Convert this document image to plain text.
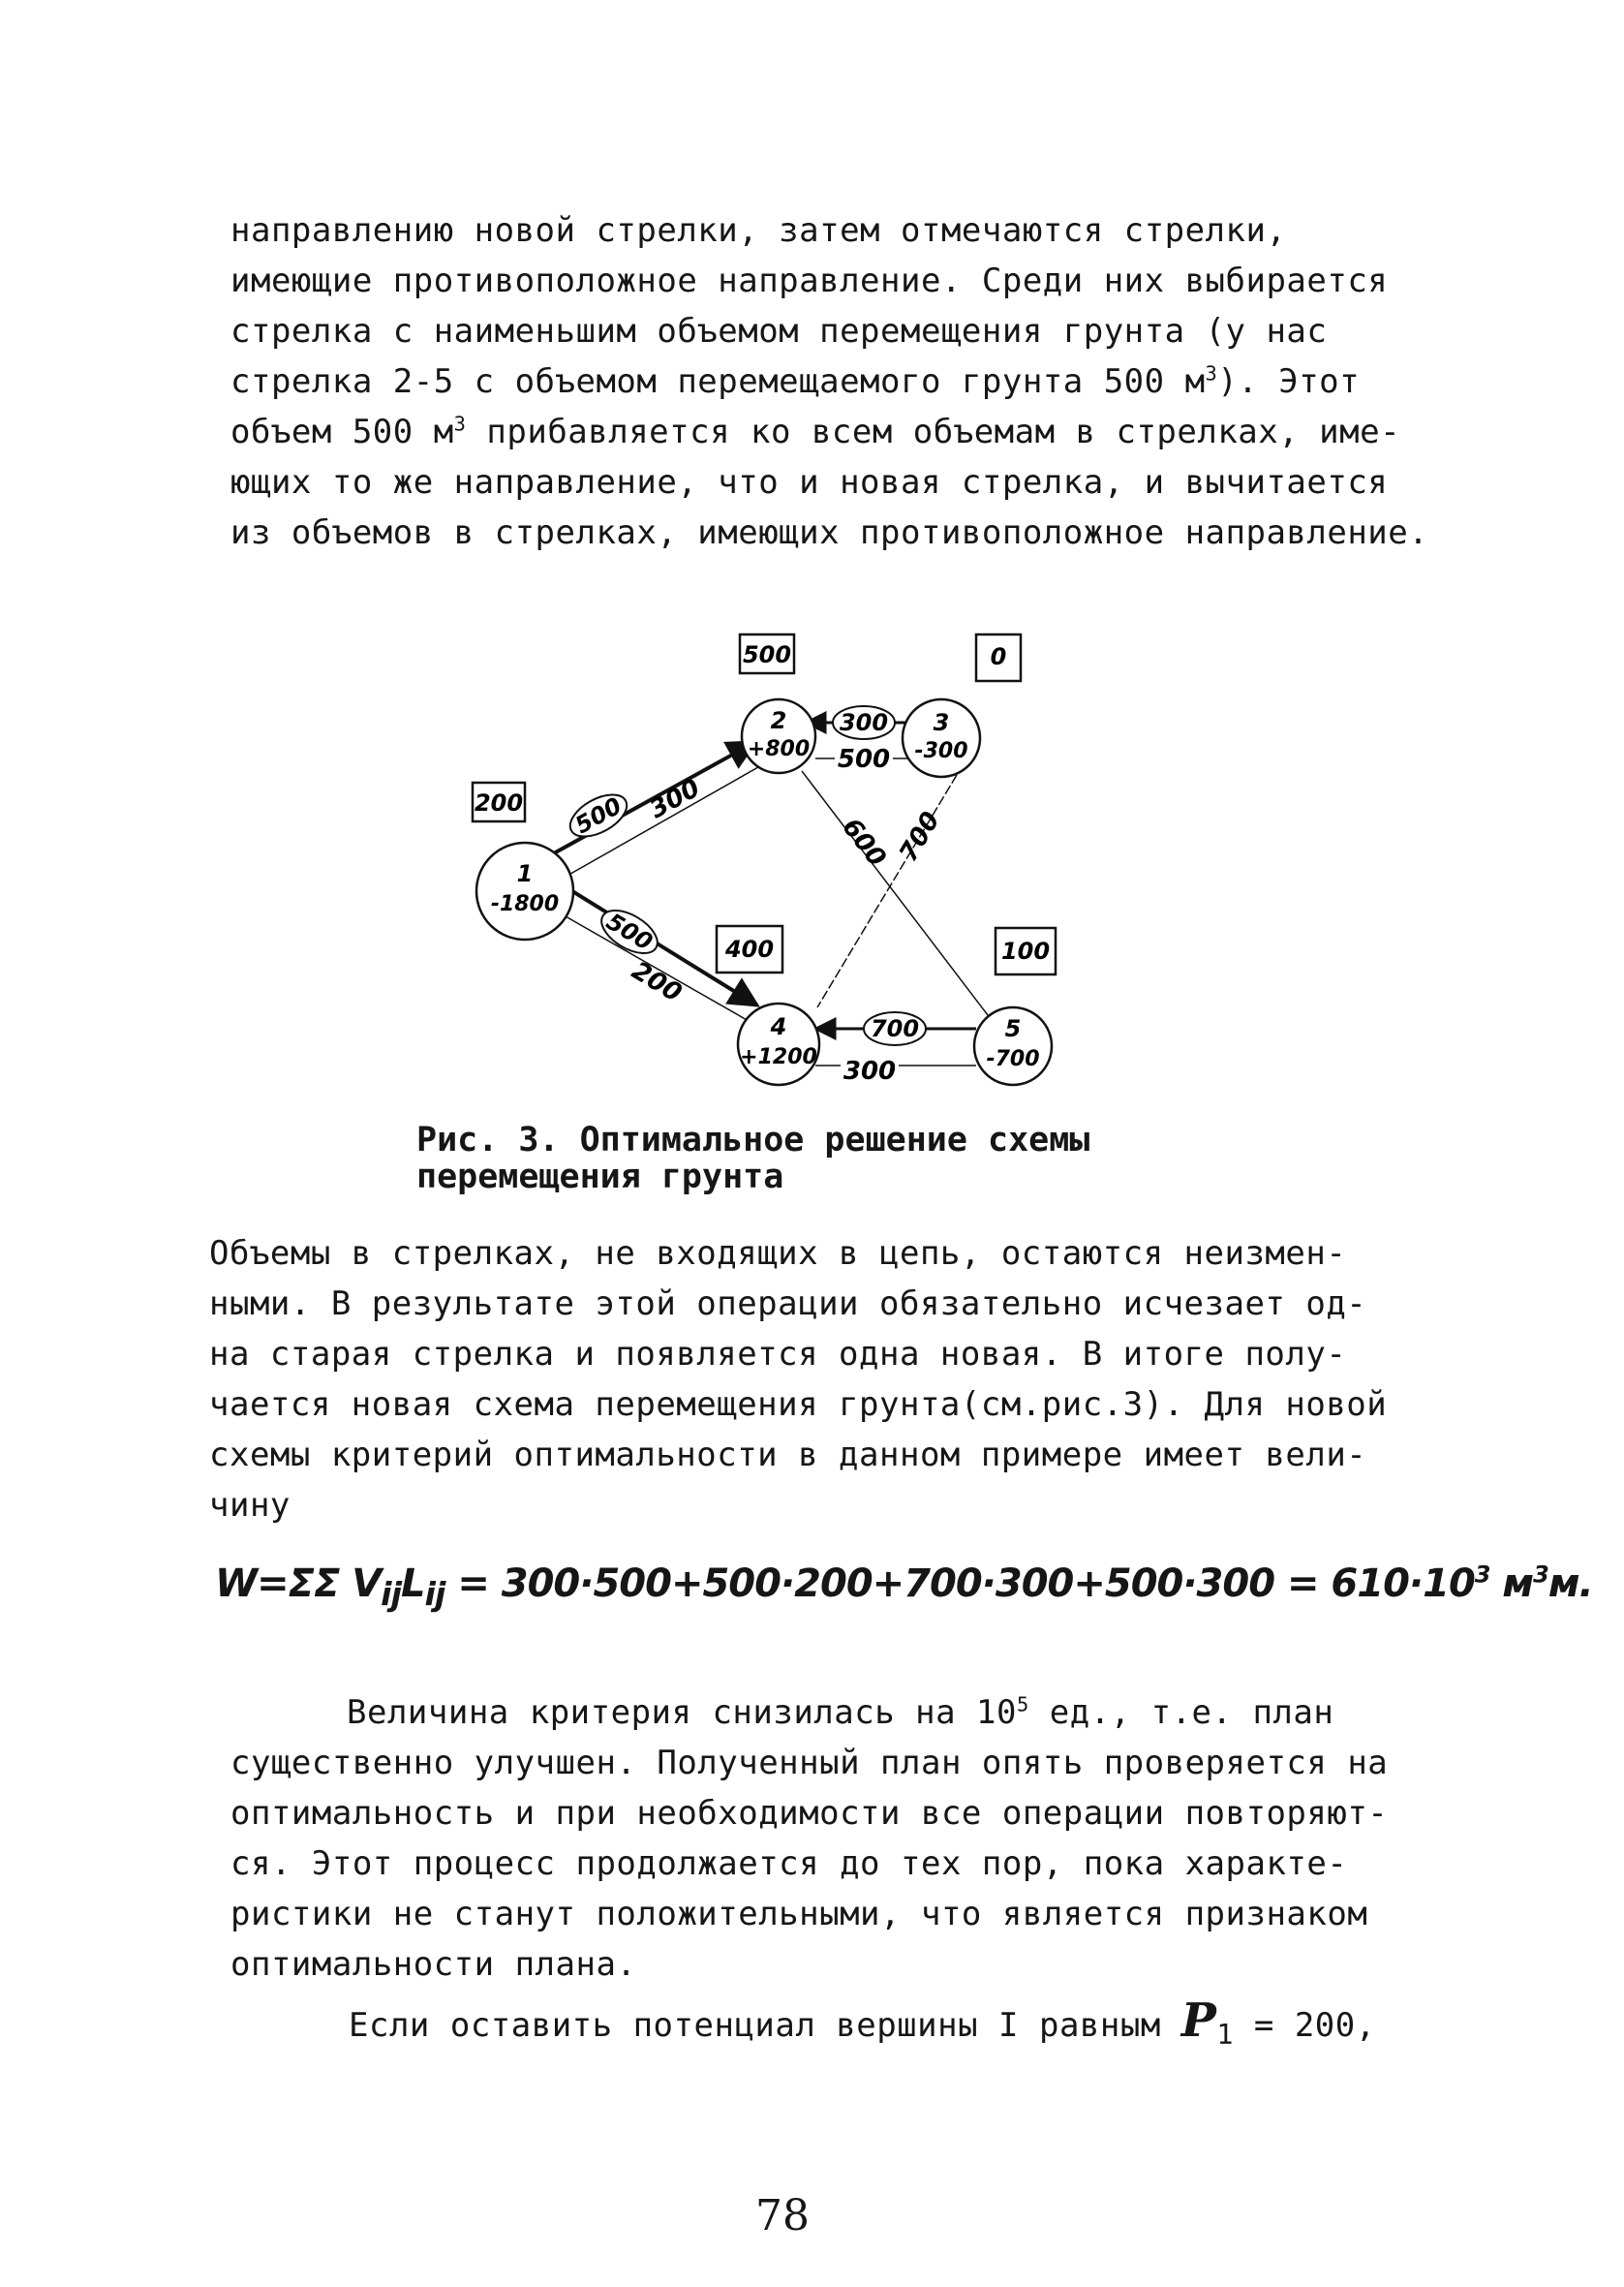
направлению новой стрелки, затем отмечаются стрелки,
имеющие противоположное направление. Среди них выбирается
стрелка с наименьшим объемом перемещения грунта (у нас
стрелка 2-5 с объемом перемещаемого грунта 500 $м^3$). Этот
объем 500 $м^3$ прибавляется ко всем объемам в стрелках, име-
ющих то же направление, что и новая стрелка, и вычитается
из объемов в стрелках, имеющих противоположное направление.
500 300
500
200
300
500
700
300
600 700
200
500	0
400	100
1
-1800
2
+800
3
-300
4
+1200
5
-700
Рис. 3. Оптимальное решение схемы
перемещения грунта
Объемы в стрелках, не входящих в цепь, остаются неизмен-
ными. В результате этой операции обязательно исчезает од-
на старая стрелка и появляется одна новая. В итоге полу-
чается новая схема перемещения грунта(см.рис.3). Для новой
схемы критерий оптимальности в данном примере имеет вели-
чину
W=ΣΣ $V_{ij}L_{ij} = 300\cdot 500+500\cdot 200+700\cdot 300+500\cdot 300 = 610\cdot 10^3$ $м^3м$.
Величина критерия снизилась на $10^5$ ед., т.е. план
существенно улучшен. Полученный план опять проверяется на
оптимальность и при необходимости все операции повторяют-
ся. Этот процесс продолжается до тех пор, пока характе-
ристики не станут положительными, что является признаком
оптимальности плана.
Если оставить потенциал вершины I равным $P_1 = 200$,
78
